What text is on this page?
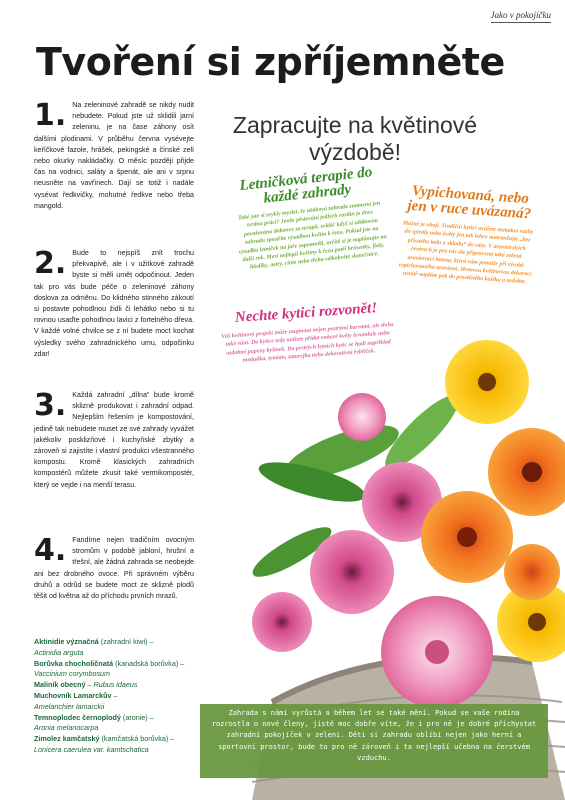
Jako v pokojíčku
Tvoření si zpříjemněte
1. Na zeleninové zahradě se nikdy nudit nebudete. Pokud jste už sklidili jarní zeleninu, je na čase záhony osít dalšími plodinami. V průběhu června vysévejte keříčkové fazole, hrášek, pekingské a čínské zelí nebo okurky nakládačky. O měsíc později přijde čas na vodnici, saláty a špenát, ale ani v srpnu neusněte na vavřínech. Dají se totiž i nadále vysévat ředkvičky, mohutné ředkve nebo třeba mangold.
2. Bude to nejspíš znít trochu překvapivě, ale i v užitkové zahradě byste si měli umět odpočinout. Jeden tak pro vás bude péče o zeleninové záhony doslova za odměnu. Do klidného stinného zákoutí si postavte pohodlnou židli či lehátko nebo si tu rovnou usaďte pohodlnou lavici z fortelného dřeva. V každé volné chvilce se z ní budete moct kochat výsledky svého zahradnického umu, odpočinku zdar!
3. Každá zahradní „dílna“ bude kromě sklizně produkovat i zahradní odpad. Nejlepším řešením je kompostování, jedině tak nebudete muset ze své zahrady vyvážet jakékoliv posklizňové i kuchyňské zbytky a zároveň si zajistíte i vlastní produkci všestranného kompostu. Kromě klasických zahradních kompostérů můžete zkusit také vermikompostér, který se vejde i na menší terasu.
4. Fandíme nejen tradičním ovocným stromům v podobě jabloní, hrušní a třešní, ale žádná zahrada se neobejde ani bez drobného ovoce. Při správném výběru druhů a odrůd se budete moct ze sklizně plodů těšit od května až do příchodu prvních mrazů.
Aktinidie význačná (zahradní kiwi) –
Actinidia arguta
Borůvka chocholičnatá (kanadská borůvka) –
Vaccinium corymbosum
Maliník obecný – Rubus idaeus
Muchovník Lamarckův –
Amelanchier lamarckii
Temnoplodec černoplodý (aronie) –
Aronia melanocarpa
Zimolez kamčatský (kamčatská borůvka) –
Lonicera caerulea var. kamtschatica
Zapracujte na květinové výzdobě!
Letničková terapie do každé zahrady

Také jste si zvykly myslet, že užitková zahrada znamená jen tvrdou práci? Jenže pěstování jedlých rostlin je dnes považováno dokonce za terapii, zvlášť když si užitkovou zahradu zpestříte výsadbou květin k řezu. Pokud jste na výsadbu letniček na jaře zapomněli, určitě si je naplánujte na další rok. Mezi nejlepší květiny k řezu patří hrásenky, fialy, hledíky, astry, cínie nebo třeba velkokvěté slunečnice.

Vypichovaná, nebo jen v ruce uvázaná?

Možné je obojí. Tradiční kytici uvážete metodou vazby do spirály nebo květy jen tak lehce naaranžujte „bez přísného ladu a skladu“ do vázy. V aranžérských centrech je pro vás ale připravená také zelená aranžovací hmota, která vám pomůže při výrobě vypichovaného aranžmá. Hotovou květinovou dekoraci uvnitř naplňte pak do prostěného košíku a ozdobte.

Nechte kytici rozvonět!

Váš květinový projekt může zaujmout nejen pestrými barvami, ale třeba také vůní. Do kytice tedy můžete přidat voňavé květy levandule nebo ozdobné pupeny bylinek. Do pestrých letních kytic se hodí například meduňka, tymián, saturejka nebo dekorativní řebříček.

Zahrada s námi vyrůstá a během let se také mění. Pokud se vaše rodina rozrostla o nové členy, jistě moc dobře víte, že i pro ně je dobré přichystat zahradní pokojíček v zeleni. Děti si zahradu oblíbí nejen jako herní a sportovní prostor, bude to pro ně zároveň i ta nejlepší učebna na čerstvém vzduchu.
